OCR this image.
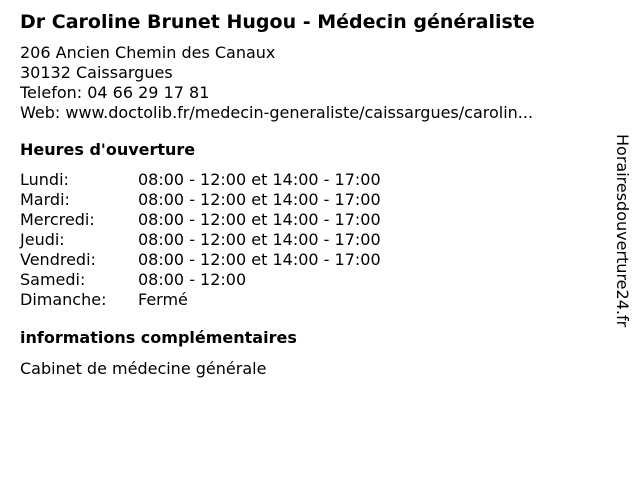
Dr Caroline Brunet Hugou - Médecin généraliste
206 Ancien Chemin des Canaux
30132 Caissargues
Telefon: 04 66 29 17 81
Web: www.doctolib.fr/medecin-generaliste/caissargues/carolin...
Heures d'ouverture
Lundi:	08:00 - 12:00 et 14:00 - 17:00
Mardi:	08:00 - 12:00 et 14:00 - 17:00
Mercredi:	08:00 - 12:00 et 14:00 - 17:00
Jeudi:	08:00 - 12:00 et 14:00 - 17:00
Vendredi:	08:00 - 12:00 et 14:00 - 17:00
Samedi:	08:00 - 12:00
Dimanche:	Fermé
informations complémentaires
Cabinet de médecine générale
Horairesdouverture24.fr
